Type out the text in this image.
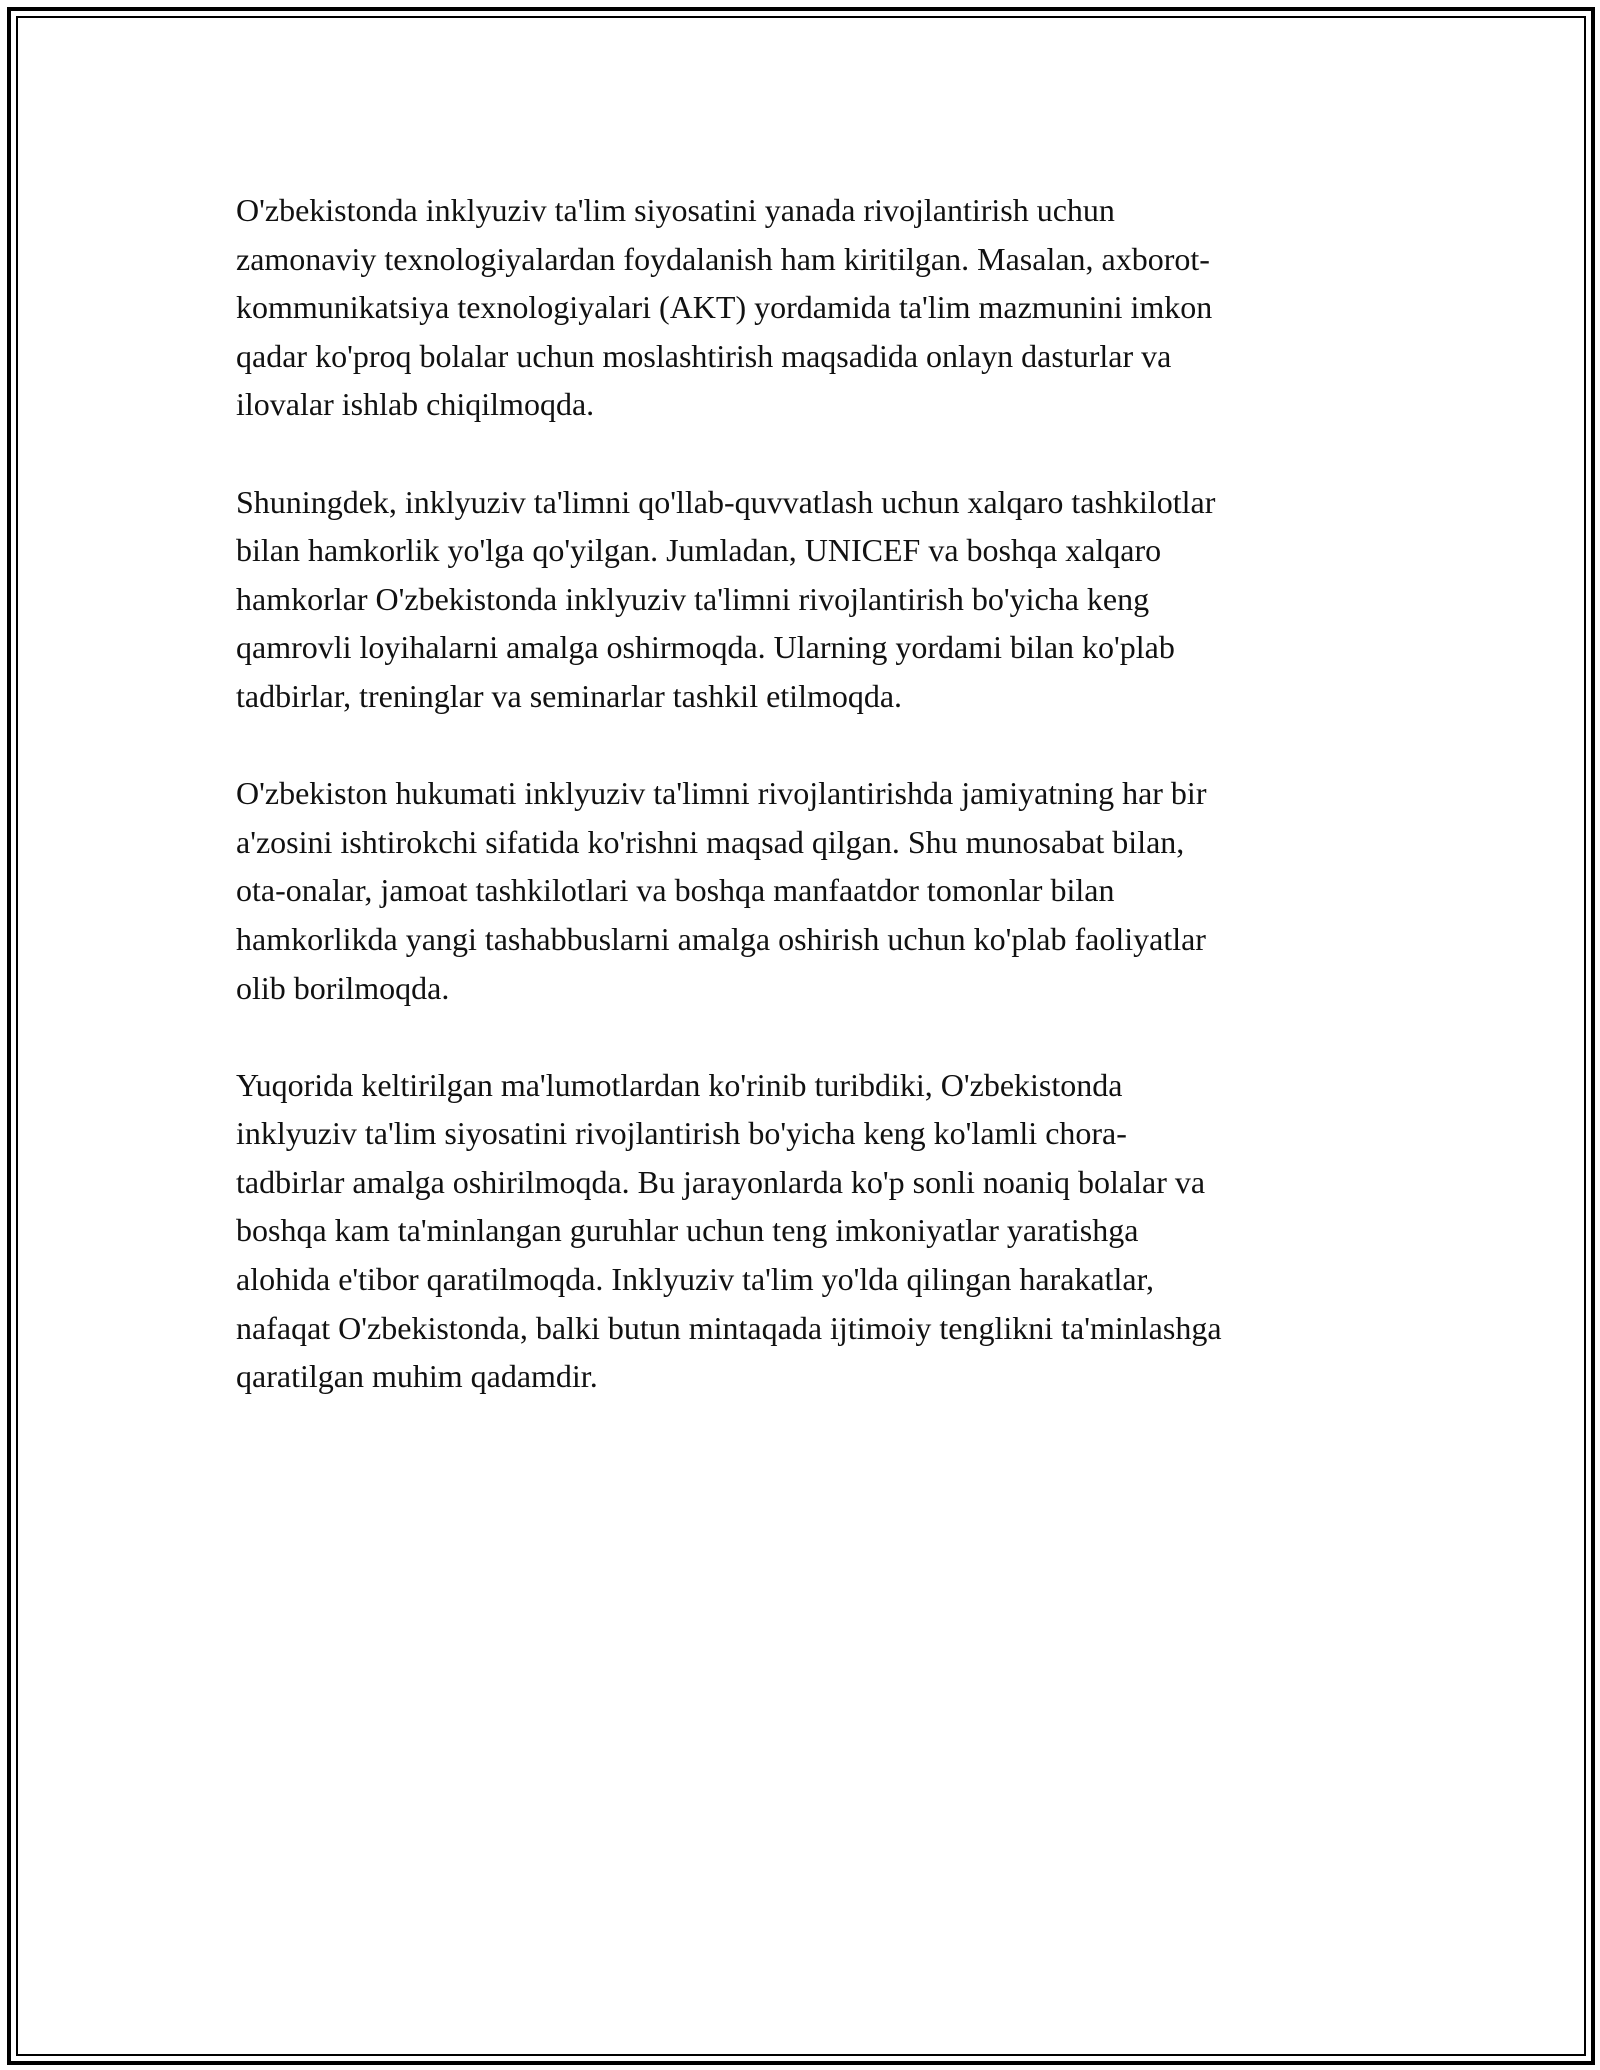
O'zbekistonda inklyuziv ta'lim siyosatini yanada rivojlantirish uchun
zamonaviy texnologiyalardan foydalanish ham kiritilgan. Masalan, axborot-
kommunikatsiya texnologiyalari (AKT) yordamida ta'lim mazmunini imkon
qadar ko'proq bolalar uchun moslashtirish maqsadida onlayn dasturlar va
ilovalar ishlab chiqilmoqda.

Shuningdek, inklyuziv ta'limni qo'llab-quvvatlash uchun xalqaro tashkilotlar
bilan hamkorlik yo'lga qo'yilgan. Jumladan, UNICEF va boshqa xalqaro
hamkorlar O'zbekistonda inklyuziv ta'limni rivojlantirish bo'yicha keng
qamrovli loyihalarni amalga oshirmoqda. Ularning yordami bilan ko'plab
tadbirlar, treninglar va seminarlar tashkil etilmoqda.

O'zbekiston hukumati inklyuziv ta'limni rivojlantirishda jamiyatning har bir
a'zosini ishtirokchi sifatida ko'rishni maqsad qilgan. Shu munosabat bilan,
ota-onalar, jamoat tashkilotlari va boshqa manfaatdor tomonlar bilan
hamkorlikda yangi tashabbuslarni amalga oshirish uchun ko'plab faoliyatlar
olib borilmoqda.

Yuqorida keltirilgan ma'lumotlardan ko'rinib turibdiki, O'zbekistonda
inklyuziv ta'lim siyosatini rivojlantirish bo'yicha keng ko'lamli chora-
tadbirlar amalga oshirilmoqda. Bu jarayonlarda ko'p sonli noaniq bolalar va
boshqa kam ta'minlangan guruhlar uchun teng imkoniyatlar yaratishga
alohida e'tibor qaratilmoqda. Inklyuziv ta'lim yo'lda qilingan harakatlar,
nafaqat O'zbekistonda, balki butun mintaqada ijtimoiy tenglikni ta'minlashga
qaratilgan muhim qadamdir.
